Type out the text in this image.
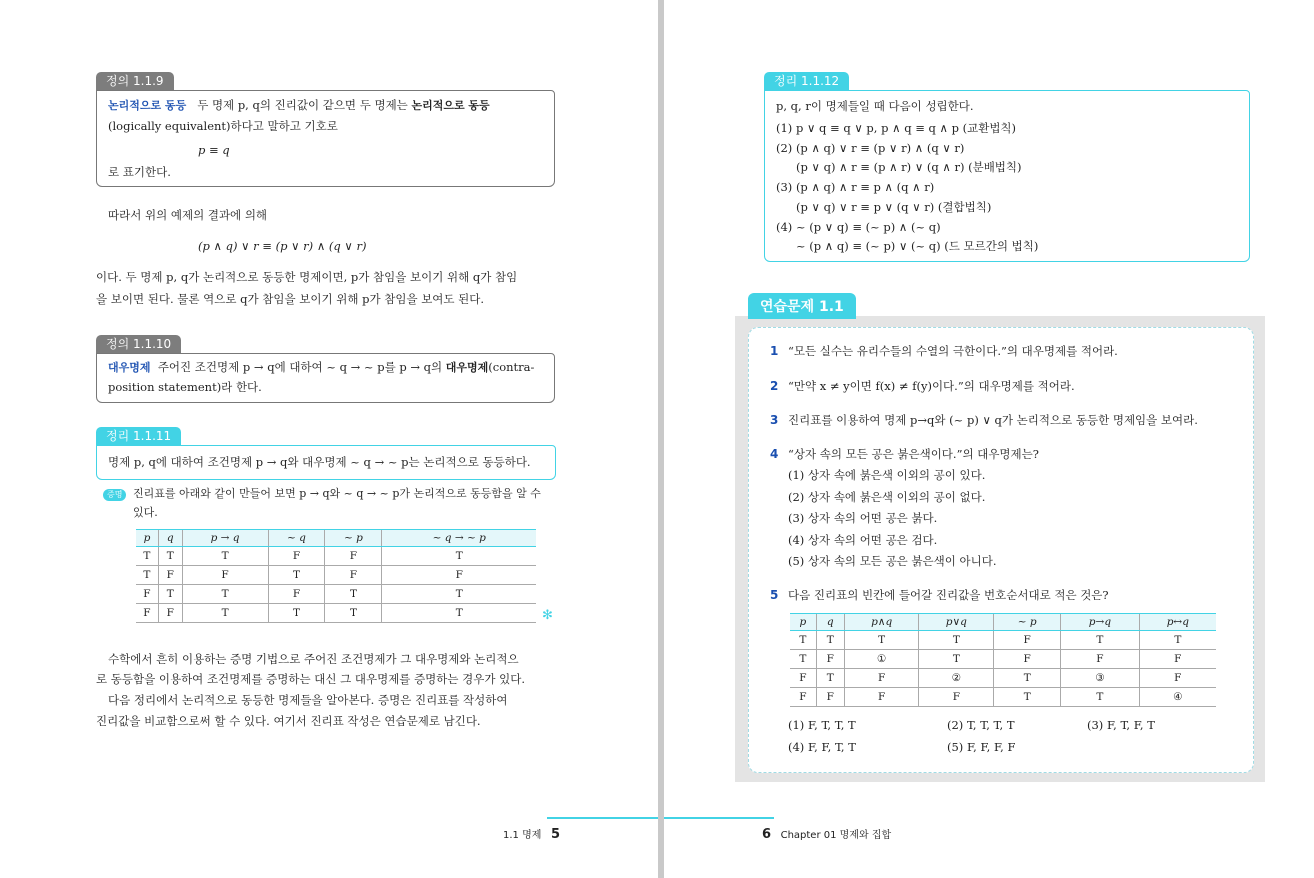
정의 1.1.9
논리적으로 동등 두 명제 p, q의 진리값이 같으면 두 명제는 논리적으로 동등
(logically equivalent)하다고 말하고 기호로
p ≡ q
로 표기한다.
따라서 위의 예제의 결과에 의해
(p ∧ q) ∨ r ≡ (p ∨ r) ∧ (q ∨ r)
이다. 두 명제 p, q가 논리적으로 동등한 명제이면, p가 참임을 보이기 위해 q가 참임
을 보이면 된다. 물론 역으로 q가 참임을 보이기 위해 p가 참임을 보여도 된다.
정의 1.1.10
대우명제 주어진 조건명제 p → q에 대하여 ~ q → ~ p를 p → q의 대우명제(contra-
position statement)라 한다.
정리 1.1.11
명제 p, q에 대하여 조건명제 p → q와 대우명제 ~ q → ~ p는 논리적으로 동등하다.
증명 진리표를 아래와 같이 만들어 보면 p → q와 ~ q → ~ p가 논리적으로 동등함을 알 수
있다.
p	q	p → q	~ q	~ p	~ q → ~ p
T	T	T	F	F	T
T	F	F	T	F	F
F	T	T	F	T	T
F	F	T	T	T	T	✻
수학에서 흔히 이용하는 증명 기법으로 주어진 조건명제가 그 대우명제와 논리적으
로 동등함을 이용하여 조건명제를 증명하는 대신 그 대우명제를 증명하는 경우가 있다.
다음 정리에서 논리적으로 동등한 명제들을 알아본다. 증명은 진리표를 작성하여
진리값을 비교함으로써 할 수 있다. 여기서 진리표 작성은 연습문제로 남긴다.
1.1 명제 5
정리 1.1.12
p, q, r이 명제들일 때 다음이 성립한다.
(1) p ∨ q ≡ q ∨ p, p ∧ q ≡ q ∧ p (교환법칙)
(2) (p ∧ q) ∨ r ≡ (p ∨ r) ∧ (q ∨ r)
(p ∨ q) ∧ r ≡ (p ∧ r) ∨ (q ∧ r) (분배법칙)
(3) (p ∧ q) ∧ r ≡ p ∧ (q ∧ r)
(p ∨ q) ∨ r ≡ p ∨ (q ∨ r) (결합법칙)
(4) ~ (p ∨ q) ≡ (~ p) ∧ (~ q)
~ (p ∧ q) ≡ (~ p) ∨ (~ q) (드 모르간의 법칙)
연습문제 1.1
1 “모든 실수는 유리수들의 수열의 극한이다.”의 대우명제를 적어라.
2 “만약 x ≠ y이면 f(x) ≠ f(y)이다.”의 대우명제를 적어라.
3 진리표를 이용하여 명제 p→q와 (~ p) ∨ q가 논리적으로 동등한 명제임을 보여라.
4 “상자 속의 모든 공은 붉은색이다.”의 대우명제는?
(1) 상자 속에 붉은색 이외의 공이 있다.
(2) 상자 속에 붉은색 이외의 공이 없다.
(3) 상자 속의 어떤 공은 붉다.
(4) 상자 속의 어떤 공은 검다.
(5) 상자 속의 모든 공은 붉은색이 아니다.
5 다음 진리표의 빈칸에 들어갈 진리값을 번호순서대로 적은 것은?
p	q	p∧q	p∨q	~ p	p→q	p↔q
T	T	T	T	F	T	T
T	F	①	T	F	F	F
F	T	F	②	T	③	F
F	F	F	F	T	T	④
(1) F, T, T, T	(2) T, T, T, T	(3) F, T, F, T
(4) F, F, T, T	(5) F, F, F, F
6 Chapter 01 명제와 집합
